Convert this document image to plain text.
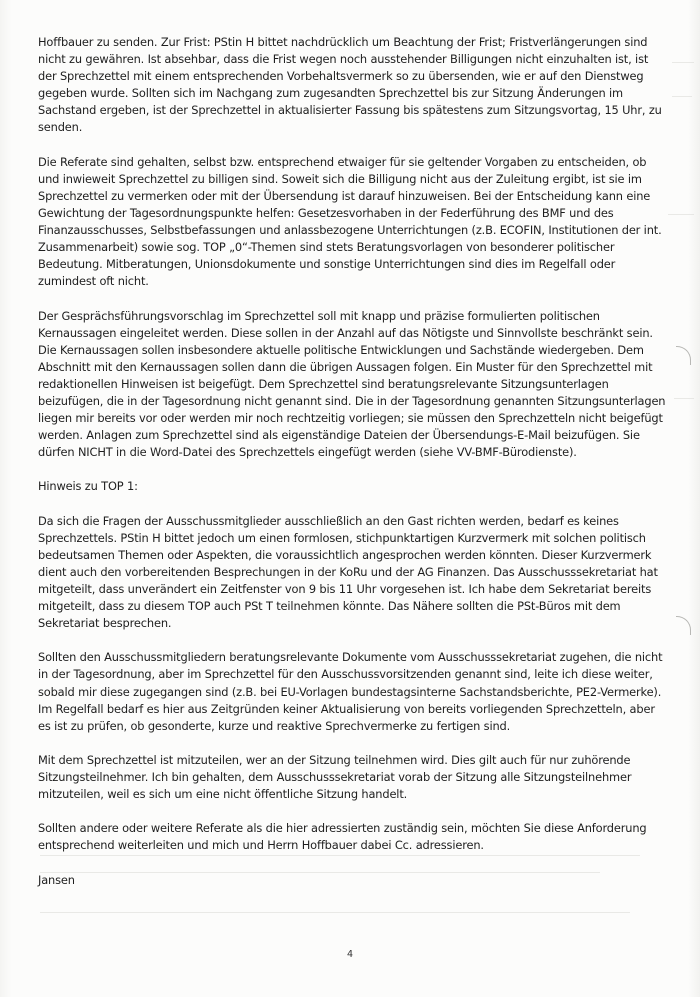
Hoffbauer zu senden. Zur Frist: PStin H bittet nachdrücklich um Beachtung der Frist; Fristverlängerungen sind nicht zu gewähren. Ist absehbar, dass die Frist wegen noch ausstehender Billigungen nicht einzuhalten ist, ist der Sprechzettel mit einem entsprechenden Vorbehaltsvermerk so zu übersenden, wie er auf den Dienstweg gegeben wurde. Sollten sich im Nachgang zum zugesandten Sprechzettel bis zur Sitzung Änderungen im Sachstand ergeben, ist der Sprechzettel in aktualisierter Fassung bis spätestens zum Sitzungsvortag, 15 Uhr, zu senden.

Die Referate sind gehalten, selbst bzw. entsprechend etwaiger für sie geltender Vorgaben zu entscheiden, ob und inwieweit Sprechzettel zu billigen sind. Soweit sich die Billigung nicht aus der Zuleitung ergibt, ist sie im Sprechzettel zu vermerken oder mit der Übersendung ist darauf hinzuweisen. Bei der Entscheidung kann eine Gewichtung der Tagesordnungspunkte helfen: Gesetzesvorhaben in der Federführung des BMF und des Finanzausschusses, Selbstbefassungen und anlassbezogene Unterrichtungen (z.B. ECOFIN, Institutionen der int. Zusammenarbeit) sowie sog. TOP „0“-Themen sind stets Beratungsvorlagen von besonderer politischer Bedeutung. Mitberatungen, Unionsdokumente und sonstige Unterrichtungen sind dies im Regelfall oder zumindest oft nicht.

Der Gesprächsführungsvorschlag im Sprechzettel soll mit knapp und präzise formulierten politischen Kernaussagen eingeleitet werden. Diese sollen in der Anzahl auf das Nötigste und Sinnvollste beschränkt sein. Die Kernaussagen sollen insbesondere aktuelle politische Entwicklungen und Sachstände wiedergeben. Dem Abschnitt mit den Kernaussagen sollen dann die übrigen Aussagen folgen. Ein Muster für den Sprechzettel mit redaktionellen Hinweisen ist beigefügt. Dem Sprechzettel sind beratungsrelevante Sitzungsunterlagen beizufügen, die in der Tagesordnung nicht genannt sind. Die in der Tagesordnung genannten Sitzungsunterlagen liegen mir bereits vor oder werden mir noch rechtzeitig vorliegen; sie müssen den Sprechzetteln nicht beigefügt werden. Anlagen zum Sprechzettel sind als eigenständige Dateien der Übersendungs-E-Mail beizufügen. Sie dürfen NICHT in die Word-Datei des Sprechzettels eingefügt werden (siehe VV-BMF-Bürodienste).

Hinweis zu TOP 1:

Da sich die Fragen der Ausschussmitglieder ausschließlich an den Gast richten werden, bedarf es keines Sprechzettels. PStin H bittet jedoch um einen formlosen, stichpunktartigen Kurzvermerk mit solchen politisch bedeutsamen Themen oder Aspekten, die voraussichtlich angesprochen werden könnten. Dieser Kurzvermerk dient auch den vorbereitenden Besprechungen in der KoRu und der AG Finanzen. Das Ausschusssekretariat hat mitgeteilt, dass unverändert ein Zeitfenster von 9 bis 11 Uhr vorgesehen ist. Ich habe dem Sekretariat bereits mitgeteilt, dass zu diesem TOP auch PSt T teilnehmen könnte. Das Nähere sollten die PSt-Büros mit dem Sekretariat besprechen.

Sollten den Ausschussmitgliedern beratungsrelevante Dokumente vom Ausschusssekretariat zugehen, die nicht in der Tagesordnung, aber im Sprechzettel für den Ausschussvorsitzenden genannt sind, leite ich diese weiter, sobald mir diese zugegangen sind (z.B. bei EU-Vorlagen bundestagsinterne Sachstandsberichte, PE2-Vermerke). Im Regelfall bedarf es hier aus Zeitgründen keiner Aktualisierung von bereits vorliegenden Sprechzetteln, aber es ist zu prüfen, ob gesonderte, kurze und reaktive Sprechvermerke zu fertigen sind.

Mit dem Sprechzettel ist mitzuteilen, wer an der Sitzung teilnehmen wird. Dies gilt auch für nur zuhörende Sitzungsteilnehmer. Ich bin gehalten, dem Ausschusssekretariat vorab der Sitzung alle Sitzungsteilnehmer mitzuteilen, weil es sich um eine nicht öffentliche Sitzung handelt.

Sollten andere oder weitere Referate als die hier adressierten zuständig sein, möchten Sie diese Anforderung entsprechend weiterleiten und mich und Herrn Hoffbauer dabei Cc. adressieren.

Jansen

4
